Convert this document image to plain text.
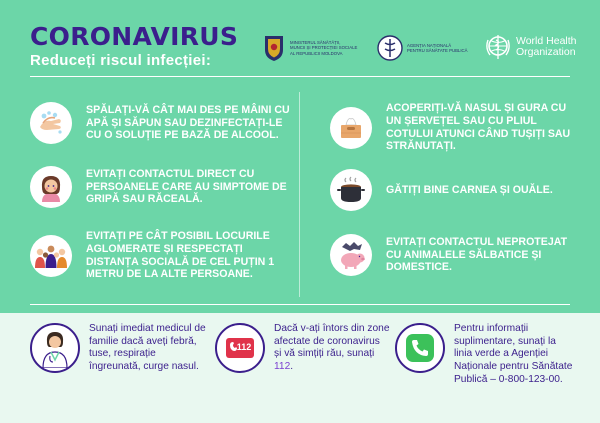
CORONAVIRUS
Reduceți riscul infecției:
MINISTERUL SĂNĂTĂȚII,
MUNCII ȘI PROTECȚIEI SOCIALE
AL REPUBLICII MOLDOVA
AGENȚIA NAȚIONALĂ
PENTRU SĂNĂTATE PUBLICĂ
World Health
Organization
SPĂLAȚI-VĂ CÂT MAI DES PE MÂINI CU APĂ ȘI SĂPUN SAU DEZINFECTAȚI-LE CU O SOLUȚIE PE BAZĂ DE ALCOOL.
EVITAȚI CONTACTUL DIRECT CU PERSOANELE CARE AU SIMPTOME DE GRIPĂ SAU RĂCEALĂ.
EVITAȚI PE CÂT POSIBIL LOCURILE AGLOMERATE ȘI RESPECTAȚI DISTANȚA SOCIALĂ DE CEL PUȚIN 1 METRU DE LA ALTE PERSOANE.
ACOPERIȚI-VĂ NASUL ȘI GURA CU UN ȘERVEȚEL SAU CU PLIUL COTULUI ATUNCI CÂND TUȘIȚI SAU STRĂNUTAȚI.
GĂTIȚI BINE CARNEA ȘI OUĂLE.
EVITAȚI CONTACTUL NEPROTEJAT CU ANIMALELE SĂLBATICE ȘI DOMESTICE.
Sunați imediat medicul de familie dacă aveți febră, tuse, respirație îngreunată, curge nasul.
112
Dacă v-ați întors din zone afectate de coronavirus și vă simțiți rău, sunați 112.
Pentru informații suplimentare, sunați la linia verde a Agenției Naționale pentru Sănătate Publică – 0-800-123-00.
